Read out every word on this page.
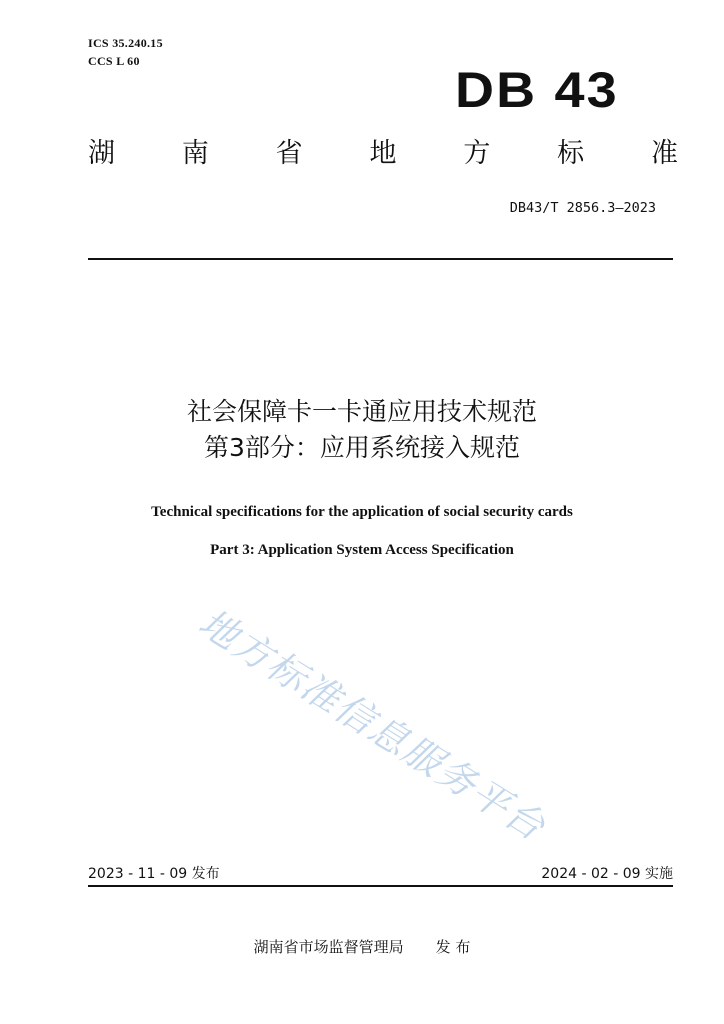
ICS 35.240.15
CCS L 60
DB 43
湖 南 省 地 方 标 准
DB43/T 2856.3—2023
社会保障卡一卡通应用技术规范
第3部分：应用系统接入规范
Technical specifications for the application of social security cards
Part 3: Application System Access Specification
地方标准信息服务平台
2023 - 11 - 09 发布	2024 - 02 - 09 实施
湖南省市场监督管理局 发 布
